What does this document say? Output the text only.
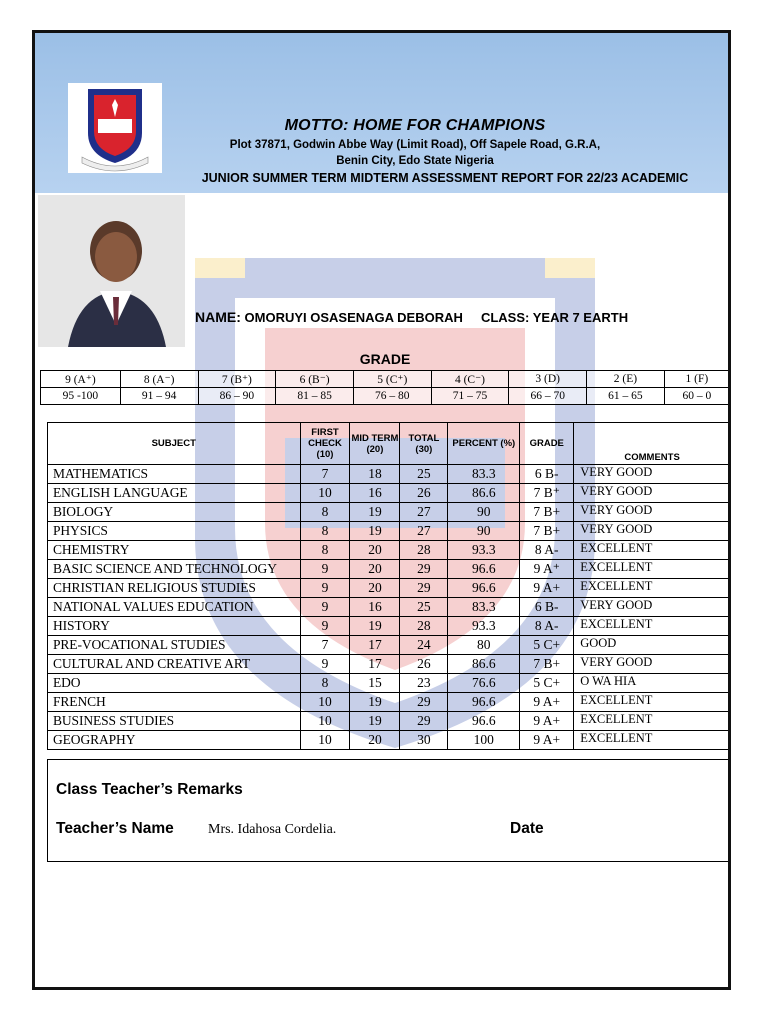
MOTTO: HOME FOR CHAMPIONS
Plot 37871, Godwin Abbe Way (Limit Road), Off Sapele Road, G.R.A,
Benin City, Edo State Nigeria
JUNIOR SUMMER TERM MIDTERM ASSESSMENT REPORT FOR 22/23 ACADEMIC
NAME: OMORUYI OSASENAGA DEBORAH CLASS: YEAR 7 EARTH
GRADE
9 (A⁺)	8 (A⁻)	7 (B⁺)	6 (B⁻)	5 (C⁺)	4 (C⁻)	3 (D)	2 (E)	1 (F)
95 -100	91 – 94	86 – 90	81 – 85	76 – 80	71 – 75	66 – 70	61 – 65	60 – 0
SUBJECT	FIRST CHECK (10)	MID TERM (20)	TOTAL (30)	PERCENT (%)	GRADE	COMMENTS
MATHEMATICS	7	18	25	83.3	6 B-	VERY GOOD
ENGLISH LANGUAGE	10	16	26	86.6	7 B⁺	VERY GOOD
BIOLOGY	8	19	27	90	7 B+	VERY GOOD
PHYSICS	8	19	27	90	7 B+	VERY GOOD
CHEMISTRY	8	20	28	93.3	8 A-	EXCELLENT
BASIC SCIENCE AND TECHNOLOGY	9	20	29	96.6	9 A⁺	EXCELLENT
CHRISTIAN RELIGIOUS STUDIES	9	20	29	96.6	9 A+	EXCELLENT
NATIONAL VALUES EDUCATION	9	16	25	83.3	6 B-	VERY GOOD
HISTORY	9	19	28	93.3	8 A-	EXCELLENT
PRE-VOCATIONAL STUDIES	7	17	24	80	5 C+	GOOD
CULTURAL AND CREATIVE ART	9	17	26	86.6	7 B+	VERY GOOD
EDO	8	15	23	76.6	5 C+	O WA HIA
FRENCH	10	19	29	96.6	9 A+	EXCELLENT
BUSINESS STUDIES	10	19	29	96.6	9 A+	EXCELLENT
GEOGRAPHY	10	20	30	100	9 A+	EXCELLENT
Class Teacher’s Remarks
Teacher’s Name Mrs. Idahosa Cordelia.	Date
